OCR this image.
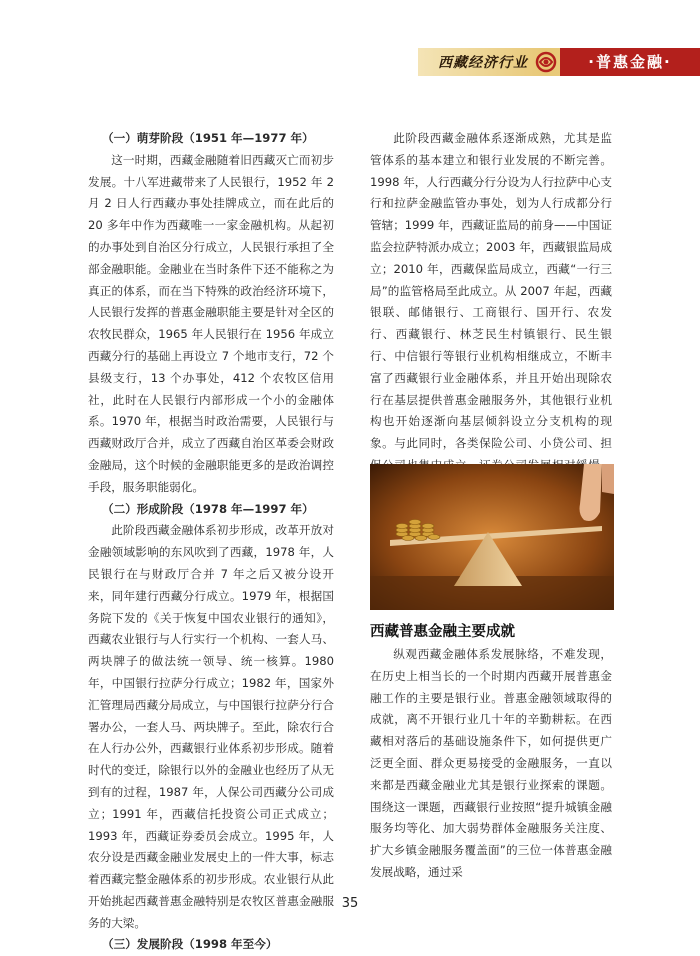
西藏经济行业	·普惠金融·

（一）萌芽阶段（1951 年—1977 年）

这一时期，西藏金融随着旧西藏灭亡而初步发展。十八军进藏带来了人民银行，1952 年 2 月 2 日人行西藏办事处挂牌成立，而在此后的 20 多年中作为西藏唯一一家金融机构。从起初的办事处到自治区分行成立，人民银行承担了全部金融职能。金融业在当时条件下还不能称之为真正的体系，而在当下特殊的政治经济环境下，人民银行发挥的普惠金融职能主要是针对全区的农牧民群众，1965 年人民银行在 1956 年成立西藏分行的基础上再设立 7 个地市支行，72 个县级支行，13 个办事处，412 个农牧区信用社，此时在人民银行内部形成一个小的金融体系。1970 年，根据当时政治需要，人民银行与西藏财政厅合并，成立了西藏自治区革委会财政金融局，这个时候的金融职能更多的是政治调控手段，服务职能弱化。

（二）形成阶段（1978 年—1997 年）

此阶段西藏金融体系初步形成，改革开放对金融领域影响的东风吹到了西藏，1978 年，人民银行在与财政厅合并 7 年之后又被分设开来，同年建行西藏分行成立。1979 年，根据国务院下发的《关于恢复中国农业银行的通知》，西藏农业银行与人行实行一个机构、一套人马、两块牌子的做法统一领导、统一核算。1980 年，中国银行拉萨分行成立；1982 年，国家外汇管理局西藏分局成立，与中国银行拉萨分行合署办公，一套人马、两块牌子。至此，除农行合在人行办公外，西藏银行业体系初步形成。随着时代的变迁，除银行以外的金融业也经历了从无到有的过程，1987 年，人保公司西藏分公司成立；1991 年，西藏信托投资公司正式成立；1993 年，西藏证券委员会成立。1995 年，人农分设是西藏金融业发展史上的一件大事，标志着西藏完整金融体系的初步形成。农业银行从此开始挑起西藏普惠金融特别是农牧区普惠金融服务的大梁。

（三）发展阶段（1998 年至今）

此阶段西藏金融体系逐渐成熟，尤其是监管体系的基本建立和银行业发展的不断完善。1998 年，人行西藏分行分设为人行拉萨中心支行和拉萨金融监管办事处，划为人行成都分行管辖；1999 年，西藏证监局的前身——中国证监会拉萨特派办成立；2003 年，西藏银监局成立；2010 年，西藏保监局成立，西藏“一行三局”的监管格局至此成立。从 2007 年起，西藏银联、邮储银行、工商银行、国开行、农发行、西藏银行、林芝民生村镇银行、民生银行、中信银行等银行业机构相继成立，不断丰富了西藏银行业金融体系，并且开始出现除农行在基层提供普惠金融服务外，其他银行业机构也开始逐渐向基层倾斜设立分支机构的现象。与此同时，各类保险公司、小贷公司、担

西藏普惠金融主要成就

纵观西藏金融体系发展脉络，不难发现，在历史上相当长的一个时期内西藏开展普惠金融工作的主要是银行业。普惠金融领域取得的成就，离不开银行业几十年的辛勤耕耘。在西藏相对落后的基础设施条件下，如何提供更广泛更全面、群众更易接受的金融服务，一直以来都是西藏金融业尤其是银行业探索的课题。围绕这一课题，西藏银行业按照“提升城镇金融服务均等化、加大弱势群体金融服务关注度、扩大乡镇金融服务覆盖面”的三位一体普惠金融发展战略，通过采

35
